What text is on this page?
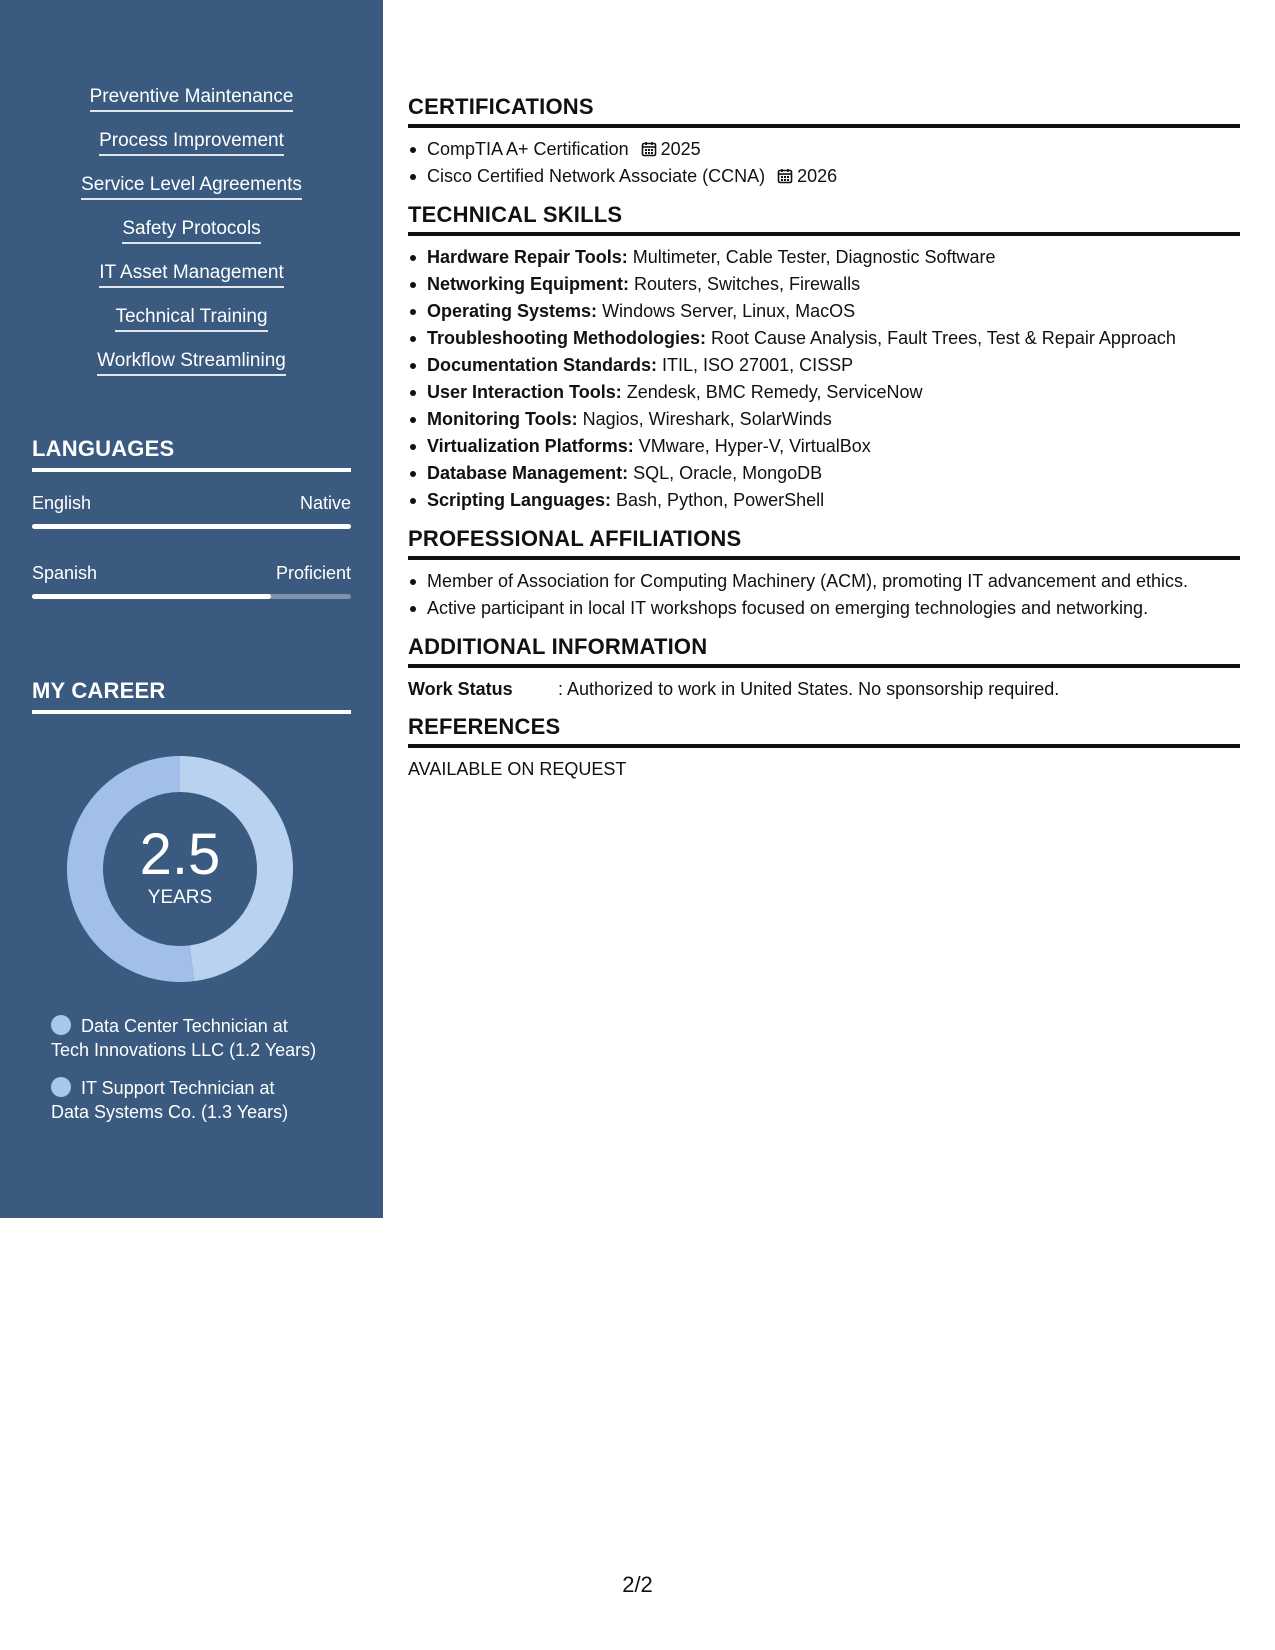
Preventive Maintenance
Process Improvement
Service Level Agreements
Safety Protocols
IT Asset Management
Technical Training
Workflow Streamlining
LANGUAGES
English	Native
Spanish	Proficient
MY CAREER
2.5
YEARS
Data Center Technician at
Tech Innovations LLC (1.2 Years)
IT Support Technician at
Data Systems Co. (1.3 Years)
CERTIFICATIONS
CompTIA A+ Certification 2025
Cisco Certified Network Associate (CCNA) 2026
TECHNICAL SKILLS
Hardware Repair Tools: Multimeter, Cable Tester, Diagnostic Software
Networking Equipment: Routers, Switches, Firewalls
Operating Systems: Windows Server, Linux, MacOS
Troubleshooting Methodologies: Root Cause Analysis, Fault Trees, Test & Repair Approach
Documentation Standards: ITIL, ISO 27001, CISSP
User Interaction Tools: Zendesk, BMC Remedy, ServiceNow
Monitoring Tools: Nagios, Wireshark, SolarWinds
Virtualization Platforms: VMware, Hyper-V, VirtualBox
Database Management: SQL, Oracle, MongoDB
Scripting Languages: Bash, Python, PowerShell
PROFESSIONAL AFFILIATIONS
Member of Association for Computing Machinery (ACM), promoting IT advancement and ethics.
Active participant in local IT workshops focused on emerging technologies and networking.
ADDITIONAL INFORMATION
Work Status	: Authorized to work in United States. No sponsorship required.
REFERENCES
AVAILABLE ON REQUEST
2/2
